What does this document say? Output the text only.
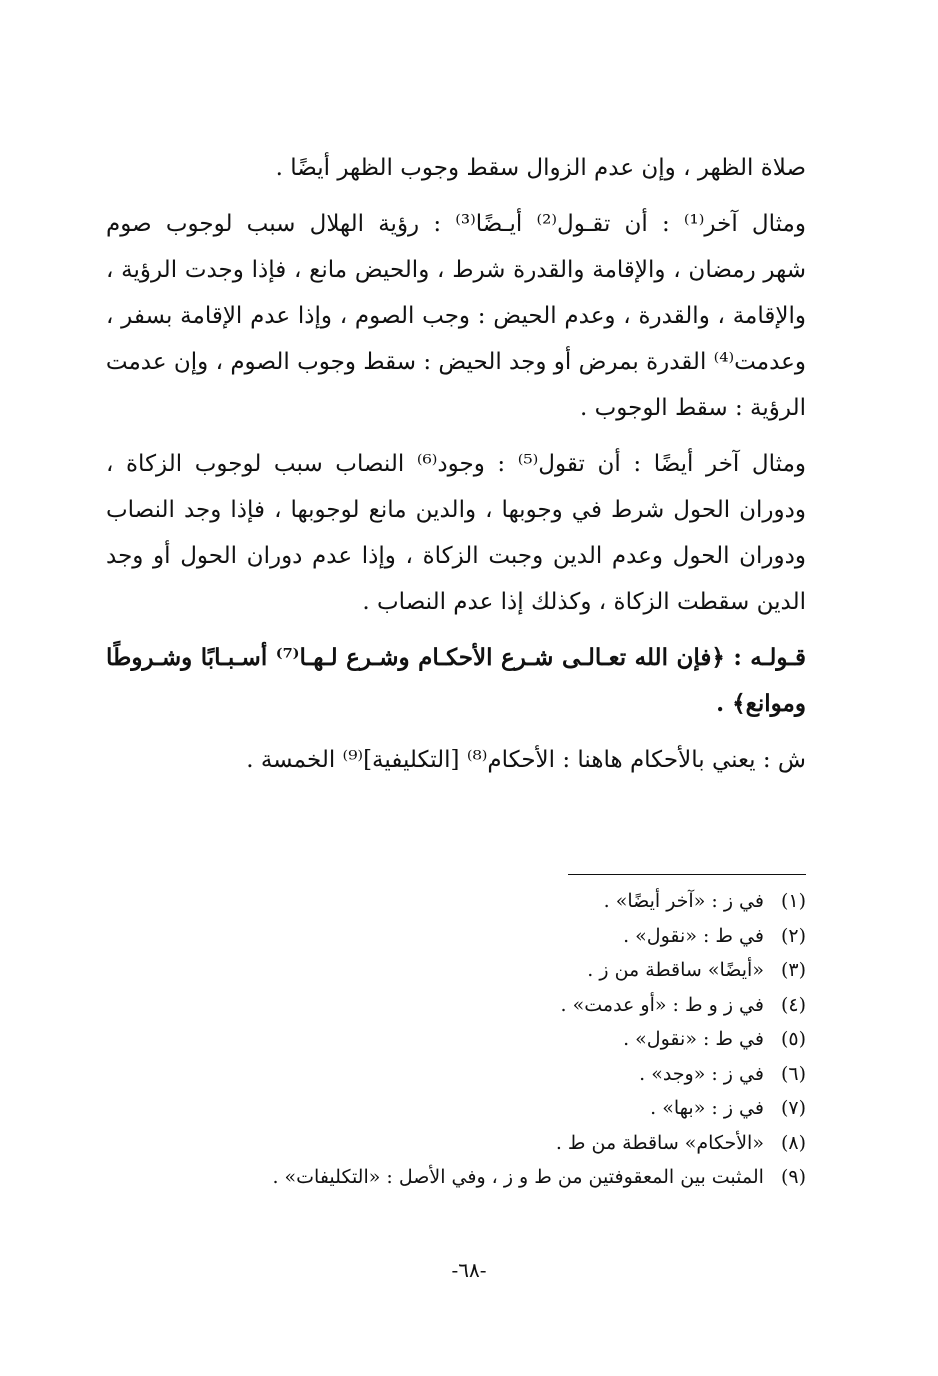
صلاة الظهر ، وإن عدم الزوال سقط وجوب الظهر أيضًا .
ومثال آخر⁽¹⁾ : أن تقـول⁽²⁾ أيـضًا⁽³⁾ : رؤية الهلال سبب لوجوب صوم
شهر رمضان ، والإقامة والقدرة شرط ، والحيض مانع ، فإذا وجدت الرؤية ،
والإقامة ، والقدرة ، وعدم الحيض : وجب الصوم ، وإذا عدم الإقامة بسفر ،
وعدمت⁽⁴⁾ القدرة بمرض أو وجد الحيض : سقط وجوب الصوم ، وإن عدمت
الرؤية : سقط الوجوب .
ومثال آخر أيضًا : أن تقول⁽⁵⁾ : وجود⁽⁶⁾ النصاب سبب لوجوب الزكاة ،
ودوران الحول شرط في وجوبها ، والدين مانع لوجوبها ، فإذا وجد النصاب
ودوران الحول وعدم الدين وجبت الزكاة ، وإذا عدم دوران الحول أو وجد
الدين سقطت الزكاة ، وكذلك إذا عدم النصاب .
قـولـه : ﴿فإن الله تعـالـى شـرع الأحكـام وشـرع لـهـا⁽⁷⁾ أسـبـابًا وشـروطًا
وموانع﴾ .
ش : يعني بالأحكام هاهنا : الأحكام⁽⁸⁾ [التكليفية]⁽⁹⁾ الخمسة .
(١) في ز : «آخر أيضًا» .
(٢) في ط : «نقول» .
(٣) «أيضًا» ساقطة من ز .
(٤) في ز و ط : «أو عدمت» .
(٥) في ط : «نقول» .
(٦) في ز : «وجد» .
(٧) في ز : «بها» .
(٨) «الأحكام» ساقطة من ط .
(٩) المثبت بين المعقوفتين من ط و ز ، وفي الأصل : «التكليفات» .
-٦٨-
